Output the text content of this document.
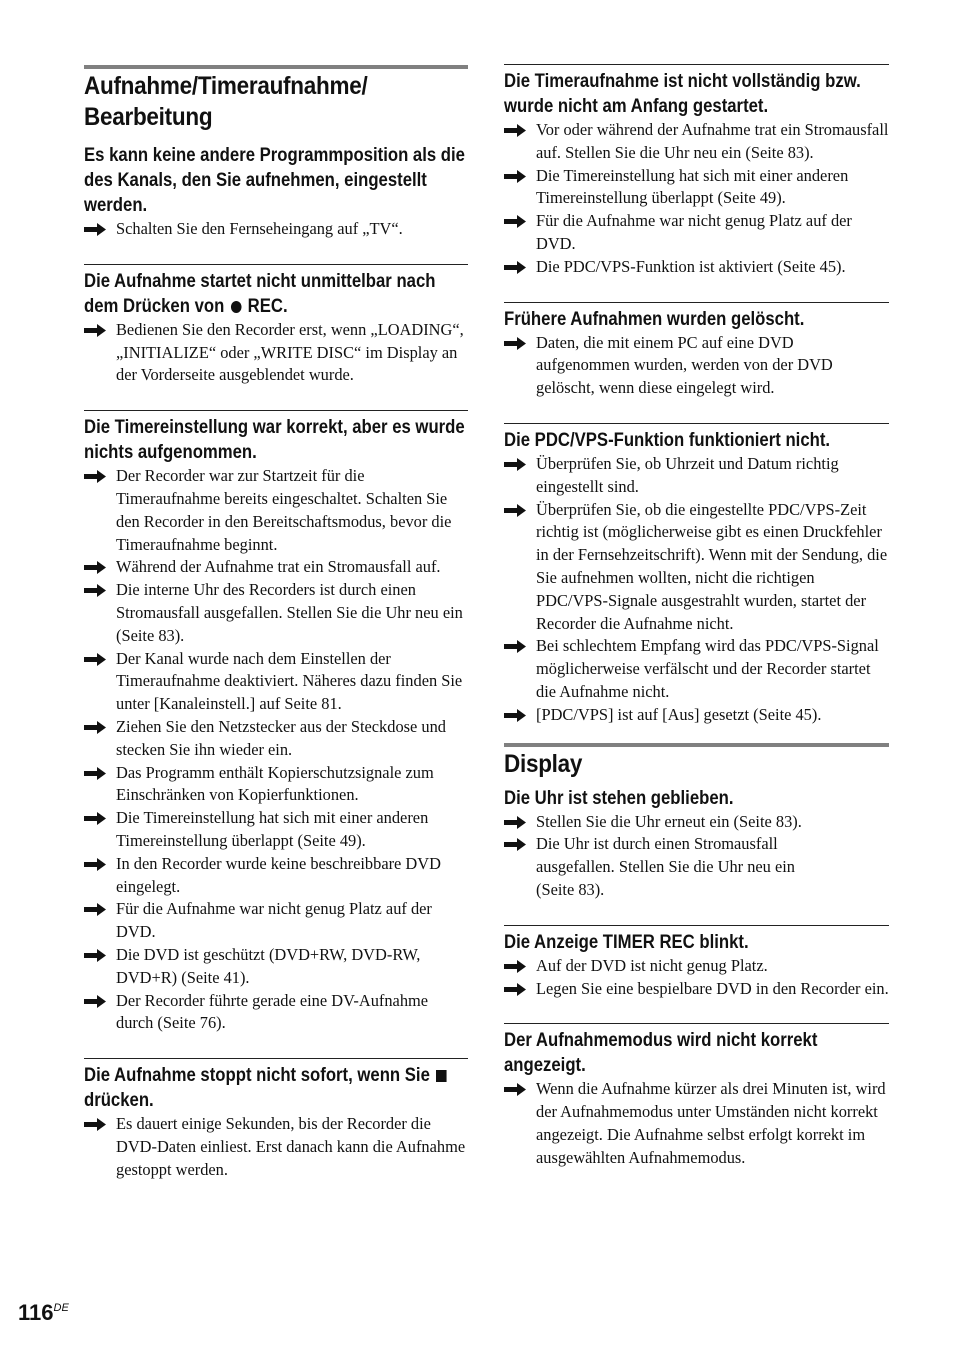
Aufnahme/Timeraufnahme/ Bearbeitung
Es kann keine andere Programmposition als die des Kanals, den Sie aufnehmen, eingestellt werden.
Schalten Sie den Fernseheingang auf „TV“.
Die Aufnahme startet nicht unmittelbar nach dem Drücken von REC.
Bedienen Sie den Recorder erst, wenn „LOADING“, „INITIALIZE“ oder „WRITE DISC“ im Display an der Vorderseite ausgeblendet wurde.
Die Timereinstellung war korrekt, aber es wurde nichts aufgenommen.
Der Recorder war zur Startzeit für die Timeraufnahme bereits eingeschaltet. Schalten Sie den Recorder in den Bereitschaftsmodus, bevor die Timeraufnahme beginnt.
Während der Aufnahme trat ein Stromausfall auf.
Die interne Uhr des Recorders ist durch einen Stromausfall ausgefallen. Stellen Sie die Uhr neu ein (Seite 83).
Der Kanal wurde nach dem Einstellen der Timeraufnahme deaktiviert. Näheres dazu finden Sie unter [Kanaleinstell.] auf Seite 81.
Ziehen Sie den Netzstecker aus der Steckdose und stecken Sie ihn wieder ein.
Das Programm enthält Kopierschutzsignale zum Einschränken von Kopierfunktionen.
Die Timereinstellung hat sich mit einer anderen Timereinstellung überlappt (Seite 49).
In den Recorder wurde keine beschreibbare DVD eingelegt.
Für die Aufnahme war nicht genug Platz auf der DVD.
Die DVD ist geschützt (DVD+RW, DVD-RW, DVD+R) (Seite 41).
Der Recorder führte gerade eine DV-Aufnahme durch (Seite 76).
Die Aufnahme stoppt nicht sofort, wenn Sie  drücken.
Es dauert einige Sekunden, bis der Recorder die DVD-Daten einliest. Erst danach kann die Aufnahme gestoppt werden.
Die Timeraufnahme ist nicht vollständig bzw. wurde nicht am Anfang gestartet.
Vor oder während der Aufnahme trat ein Stromausfall auf. Stellen Sie die Uhr neu ein (Seite 83).
Die Timereinstellung hat sich mit einer anderen Timereinstellung überlappt (Seite 49).
Für die Aufnahme war nicht genug Platz auf der DVD.
Die PDC/VPS-Funktion ist aktiviert (Seite 45).
Frühere Aufnahmen wurden gelöscht.
Daten, die mit einem PC auf eine DVD aufgenommen wurden, werden von der DVD gelöscht, wenn diese eingelegt wird.
Die PDC/VPS-Funktion funktioniert nicht.
Überprüfen Sie, ob Uhrzeit und Datum richtig eingestellt sind.
Überprüfen Sie, ob die eingestellte PDC/VPS-Zeit richtig ist (möglicherweise gibt es einen Druckfehler in der Fernsehzeitschrift). Wenn mit der Sendung, die Sie aufnehmen wollten, nicht die richtigen PDC/VPS-Signale ausgestrahlt wurden, startet der Recorder die Aufnahme nicht.
Bei schlechtem Empfang wird das PDC/VPS-Signal möglicherweise verfälscht und der Recorder startet die Aufnahme nicht.
[PDC/VPS] ist auf [Aus] gesetzt (Seite 45).
Display
Die Uhr ist stehen geblieben.
Stellen Sie die Uhr erneut ein (Seite 83).
Die Uhr ist durch einen Stromausfall ausgefallen. Stellen Sie die Uhr neu ein (Seite 83).
Die Anzeige TIMER REC blinkt.
Auf der DVD ist nicht genug Platz.
Legen Sie eine bespielbare DVD in den Recorder ein.
Der Aufnahmemodus wird nicht korrekt angezeigt.
Wenn die Aufnahme kürzer als drei Minuten ist, wird der Aufnahmemodus unter Umständen nicht korrekt angezeigt. Die Aufnahme selbst erfolgt korrekt im ausgewählten Aufnahmemodus.
116DE
